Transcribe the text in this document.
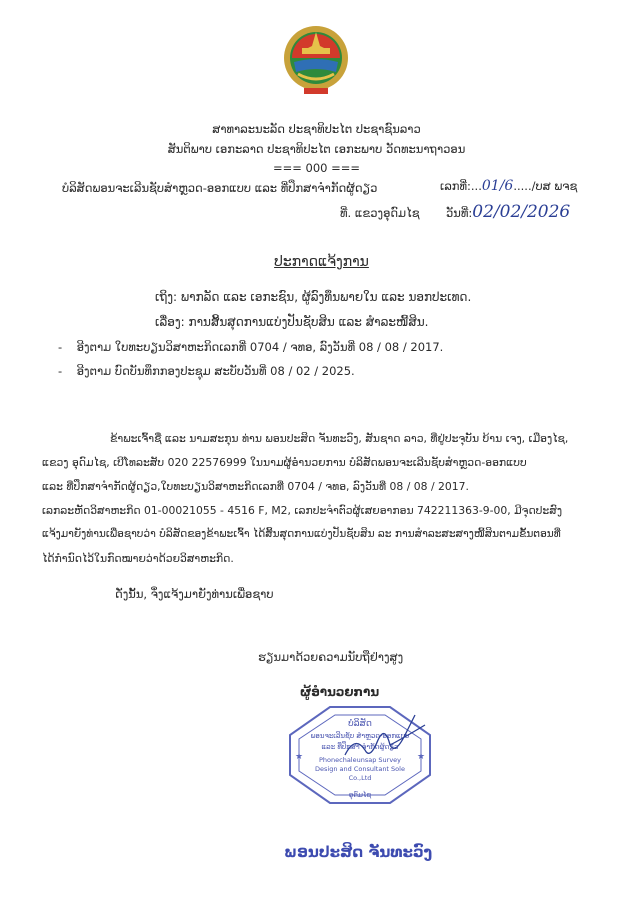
ສາທາລະນະລັດ ປະຊາທິປະໄຕ ປະຊາຊົນລາວ
ສັນຕິພາບ ເອກະລາດ ປະຊາທິປະໄຕ ເອກະພາບ ວັດທະນາຖາວອນ
=== 000 ===
ບໍລິສັດພອນຈະເລີນຊັບສຳຫຼວດ-ອອກແບບ ແລະ ທີ່ປຶກສາຈຳກັດຜູ້ດຽວ	ເລກທີ່:...01/6...../ບສ ພຈຊ
ທີ່. ແຂວງອຸດົມໄຊ ວັນທີ່:02/02/2026
ປະກາດແຈ້ງການ
ເຖິງ: ພາກລັດ ແລະ ເອກະຊົນ, ຜູ້ລົງທຶນພາຍໃນ ແລະ ນອກປະເທດ.
ເລື່ອງ: ການສິ້ນສຸດການແບ່ງປັນຊັບສິນ ແລະ ສຳລະໜີ້ສິນ.
-    ອີງຕາມ ໃບທະບຽນວິສາຫະກິດເລກທີ່ 0704 / ຈທອ, ລົງວັນທີ່ 08 / 08 / 2017.
-    ອີງຕາມ ບົດບັນທຶກກອງປະຊຸມ ສະບັບວັນທີ່ 08 / 02 / 2025.
ຂ້າພະເຈົ້າຊື່ ແລະ ນາມສະກຸນ ທ່ານ ພອນປະສິດ ຈັນທະວົງ, ສັນຊາດ ລາວ, ທີ່ຢູ່ປະຈຸບັນ ບ້ານ ເຈງ, ເມືອງໄຊ,
ແຂວງ ອຸດົມໄຊ, ເບີໂທລະສັບ 020 22576999 ໃນນາມຜູ້ອຳນວຍການ ບໍລິສັດພອນຈະເລີນຊັບສຳຫຼວດ-ອອກແບບ
ແລະ ທີ່ປຶກສາຈຳກັດຜູ້ດຽວ,ໃບທະບຽນວິສາຫະກິດເລກທີ່ 0704 / ຈທອ, ລົງວັນທີ່ 08 / 08 / 2017.
ເລກລະຫັດວິສາຫະກິດ 01-00021055 - 4516 F, M2, ເລກປະຈຳຕົວຜູ້ເສຍອາກອນ 742211363-9-00, ມີຈຸດປະສົງ
ແຈ້ງມາຍັງທ່ານເພື່ອຊາບວ່າ ບໍລິສັດຂອງຂ້າພະເຈົ້າ ໄດ້ສິ້ນສຸດການແບ່ງປັນຊັບສິນ ລະ ການສຳລະສະສາງໜີ້ສິນຕາມຂັ້ນຕອນທີ່
ໄດ້ກຳນົດໄວ້ໃນກົດໝາຍວ່າດ້ວຍວິສາຫະກິດ.
ດັ່ງນັ້ນ, ຈຶ່ງແຈ້ງມາຍັງທ່ານເພື່ອຊາບ
ຮຽນມາດ້ວຍຄວາມນັບຖືຢ່າງສູງ
ຜູ້ອຳນວຍການ
★	★
ບໍລິສັດ
ພອນຈະເລີນຊັບ ສຳຫຼວດ-ອອກແບບ
ແລະ ທີ່ປຶກສາ ຈຳກັດຜູ້ດຽວ
Phonechaleunsap Survey Design and Consultant Sole Co.,Ltd
ອຸດົມໄຊ
ພອນປະສິດ ຈັນທະວົງ
